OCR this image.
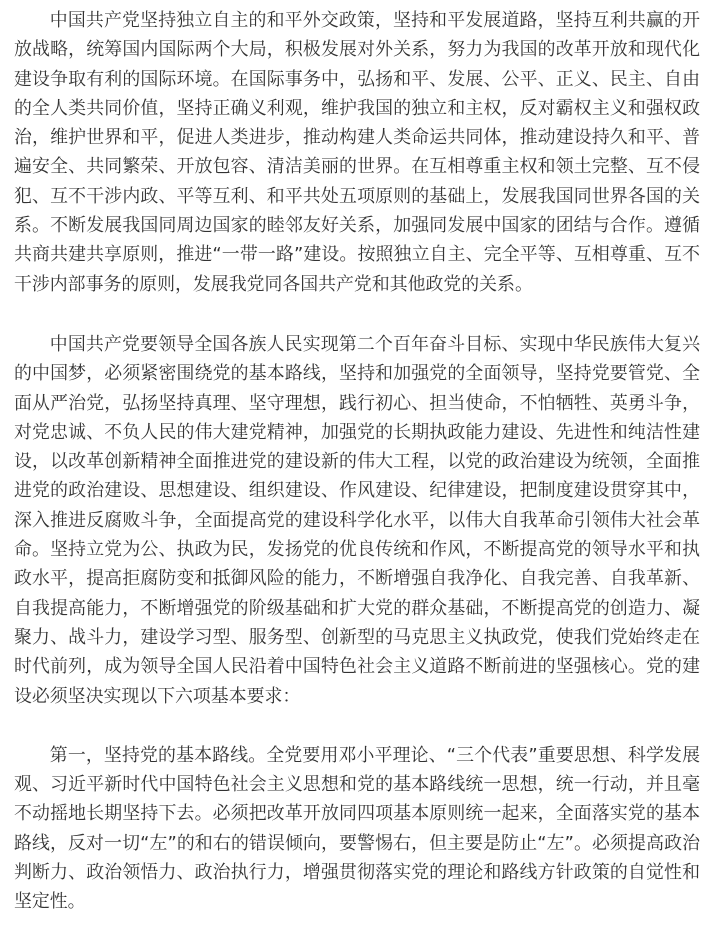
中国共产党坚持独立自主的和平外交政策，坚持和平发展道路，坚持互利共赢的开放战略，统筹国内国际两个大局，积极发展对外关系，努力为我国的改革开放和现代化建设争取有利的国际环境。在国际事务中，弘扬和平、发展、公平、正义、民主、自由的全人类共同价值，坚持正确义利观，维护我国的独立和主权，反对霸权主义和强权政治，维护世界和平，促进人类进步，推动构建人类命运共同体，推动建设持久和平、普遍安全、共同繁荣、开放包容、清洁美丽的世界。在互相尊重主权和领土完整、互不侵犯、互不干涉内政、平等互利、和平共处五项原则的基础上，发展我国同世界各国的关系。不断发展我国同周边国家的睦邻友好关系，加强同发展中国家的团结与合作。遵循共商共建共享原则，推进“一带一路”建设。按照独立自主、完全平等、互相尊重、互不干涉内部事务的原则，发展我党同各国共产党和其他政党的关系。

中国共产党要领导全国各族人民实现第二个百年奋斗目标、实现中华民族伟大复兴的中国梦，必须紧密围绕党的基本路线，坚持和加强党的全面领导，坚持党要管党、全面从严治党，弘扬坚持真理、坚守理想，践行初心、担当使命，不怕牺牲、英勇斗争，对党忠诚、不负人民的伟大建党精神，加强党的长期执政能力建设、先进性和纯洁性建设，以改革创新精神全面推进党的建设新的伟大工程，以党的政治建设为统领，全面推进党的政治建设、思想建设、组织建设、作风建设、纪律建设，把制度建设贯穿其中，深入推进反腐败斗争，全面提高党的建设科学化水平，以伟大自我革命引领伟大社会革命。坚持立党为公、执政为民，发扬党的优良传统和作风，不断提高党的领导水平和执政水平，提高拒腐防变和抵御风险的能力，不断增强自我净化、自我完善、自我革新、自我提高能力，不断增强党的阶级基础和扩大党的群众基础，不断提高党的创造力、凝聚力、战斗力，建设学习型、服务型、创新型的马克思主义执政党，使我们党始终走在时代前列，成为领导全国人民沿着中国特色社会主义道路不断前进的坚强核心。党的建设必须坚决实现以下六项基本要求：

第一，坚持党的基本路线。全党要用邓小平理论、“三个代表”重要思想、科学发展观、习近平新时代中国特色社会主义思想和党的基本路线统一思想，统一行动，并且毫不动摇地长期坚持下去。必须把改革开放同四项基本原则统一起来，全面落实党的基本路线，反对一切“左”的和右的错误倾向，要警惕右，但主要是防止“左”。必须提高政治判断力、政治领悟力、政治执行力，增强贯彻落实党的理论和路线方针政策的自觉性和坚定性。
